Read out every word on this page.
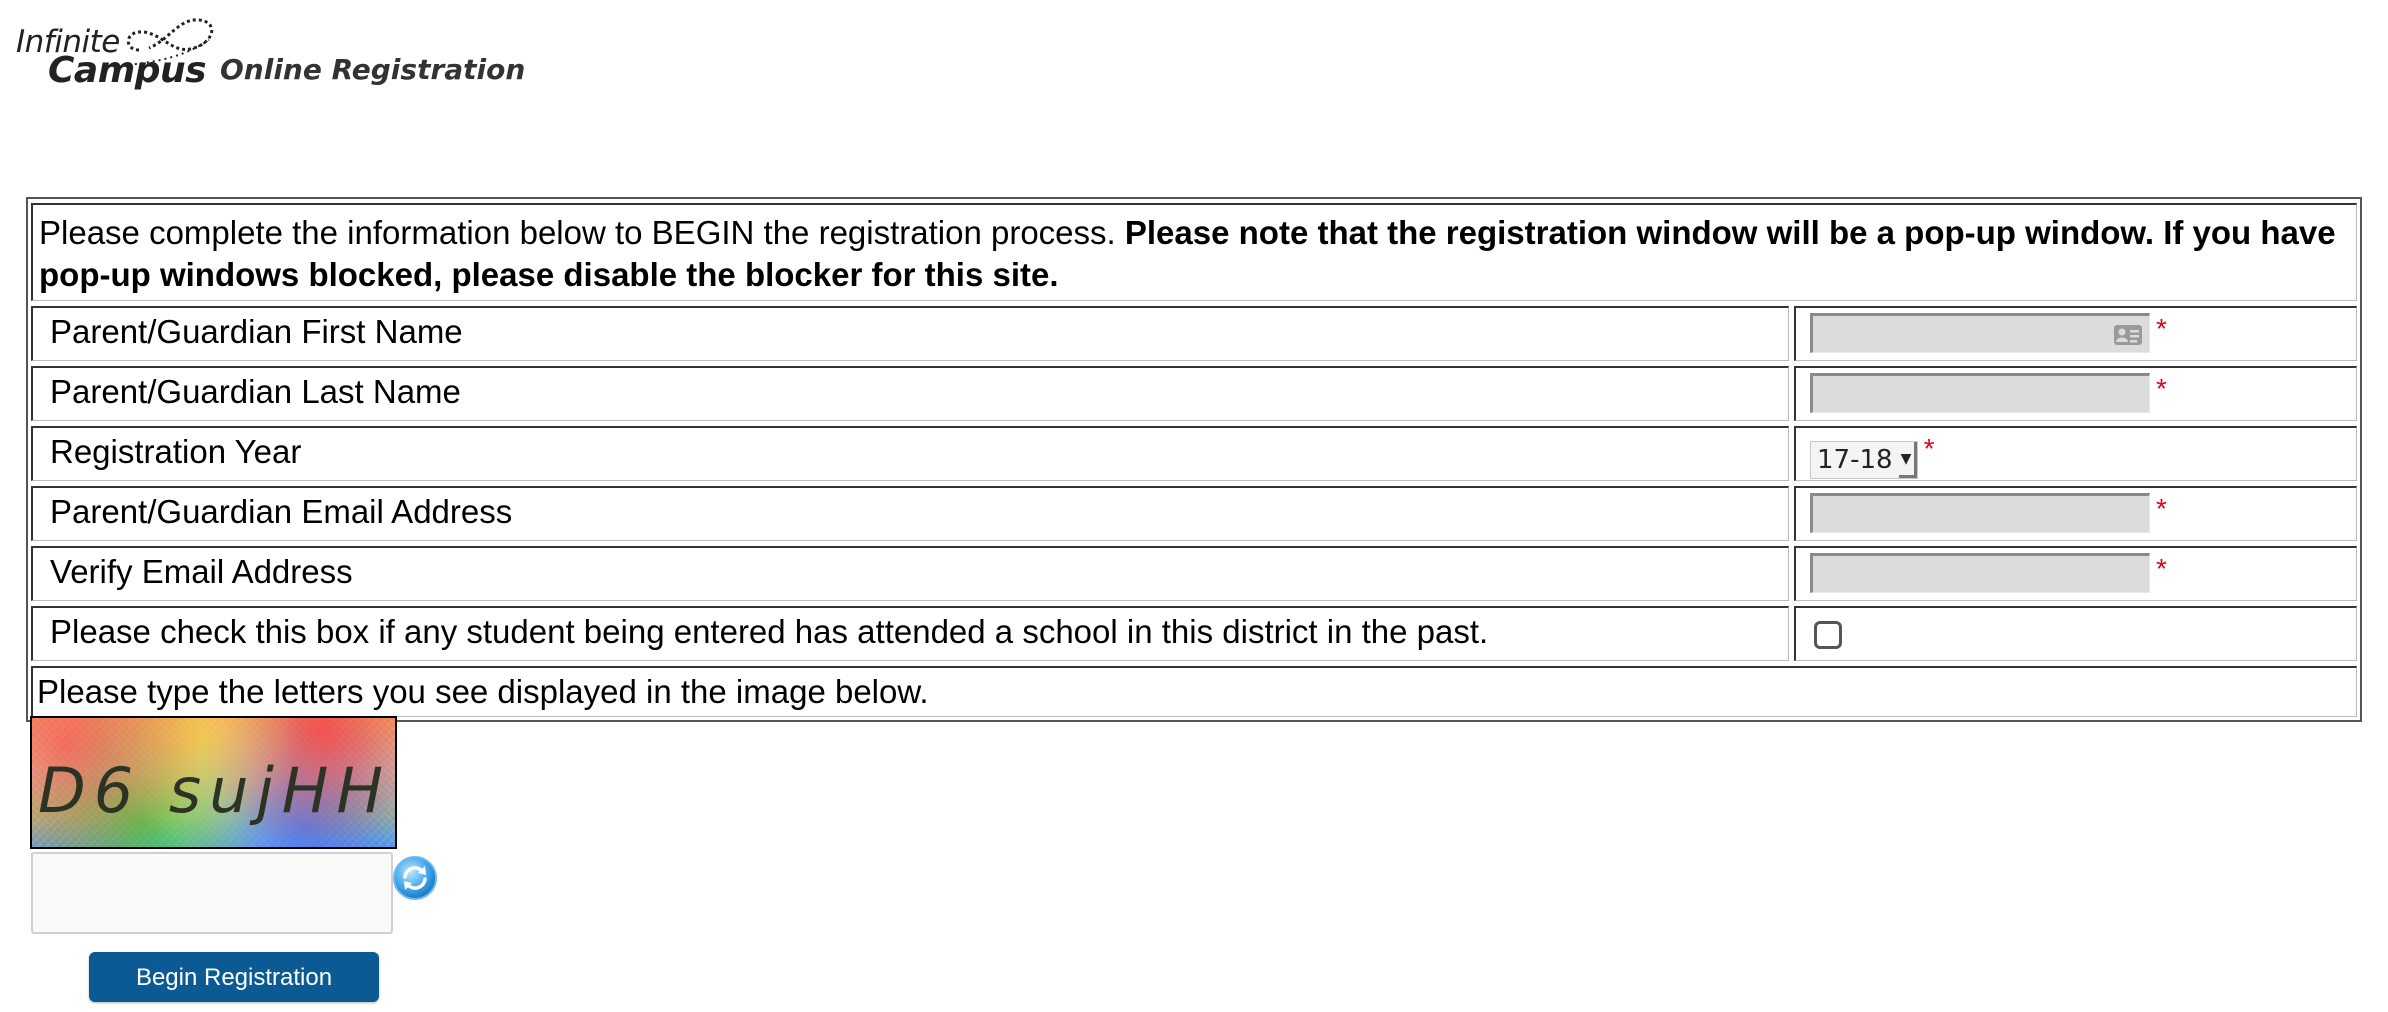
Infinite
Campus Online Registration
Please complete the information below to BEGIN the registration process. Please note that the registration window will be a pop-up window. If you have pop-up windows blocked, please disable the blocker for this site.
Parent/Guardian First Name	*
Parent/Guardian Last Name	*
Registration Year	17-18 ▼ *
Parent/Guardian Email Address	*
Verify Email Address	*
Please check this box if any student being entered has attended a school in this district in the past.
Please type the letters you see displayed in the image below.
D6 sujHH
Begin Registration
